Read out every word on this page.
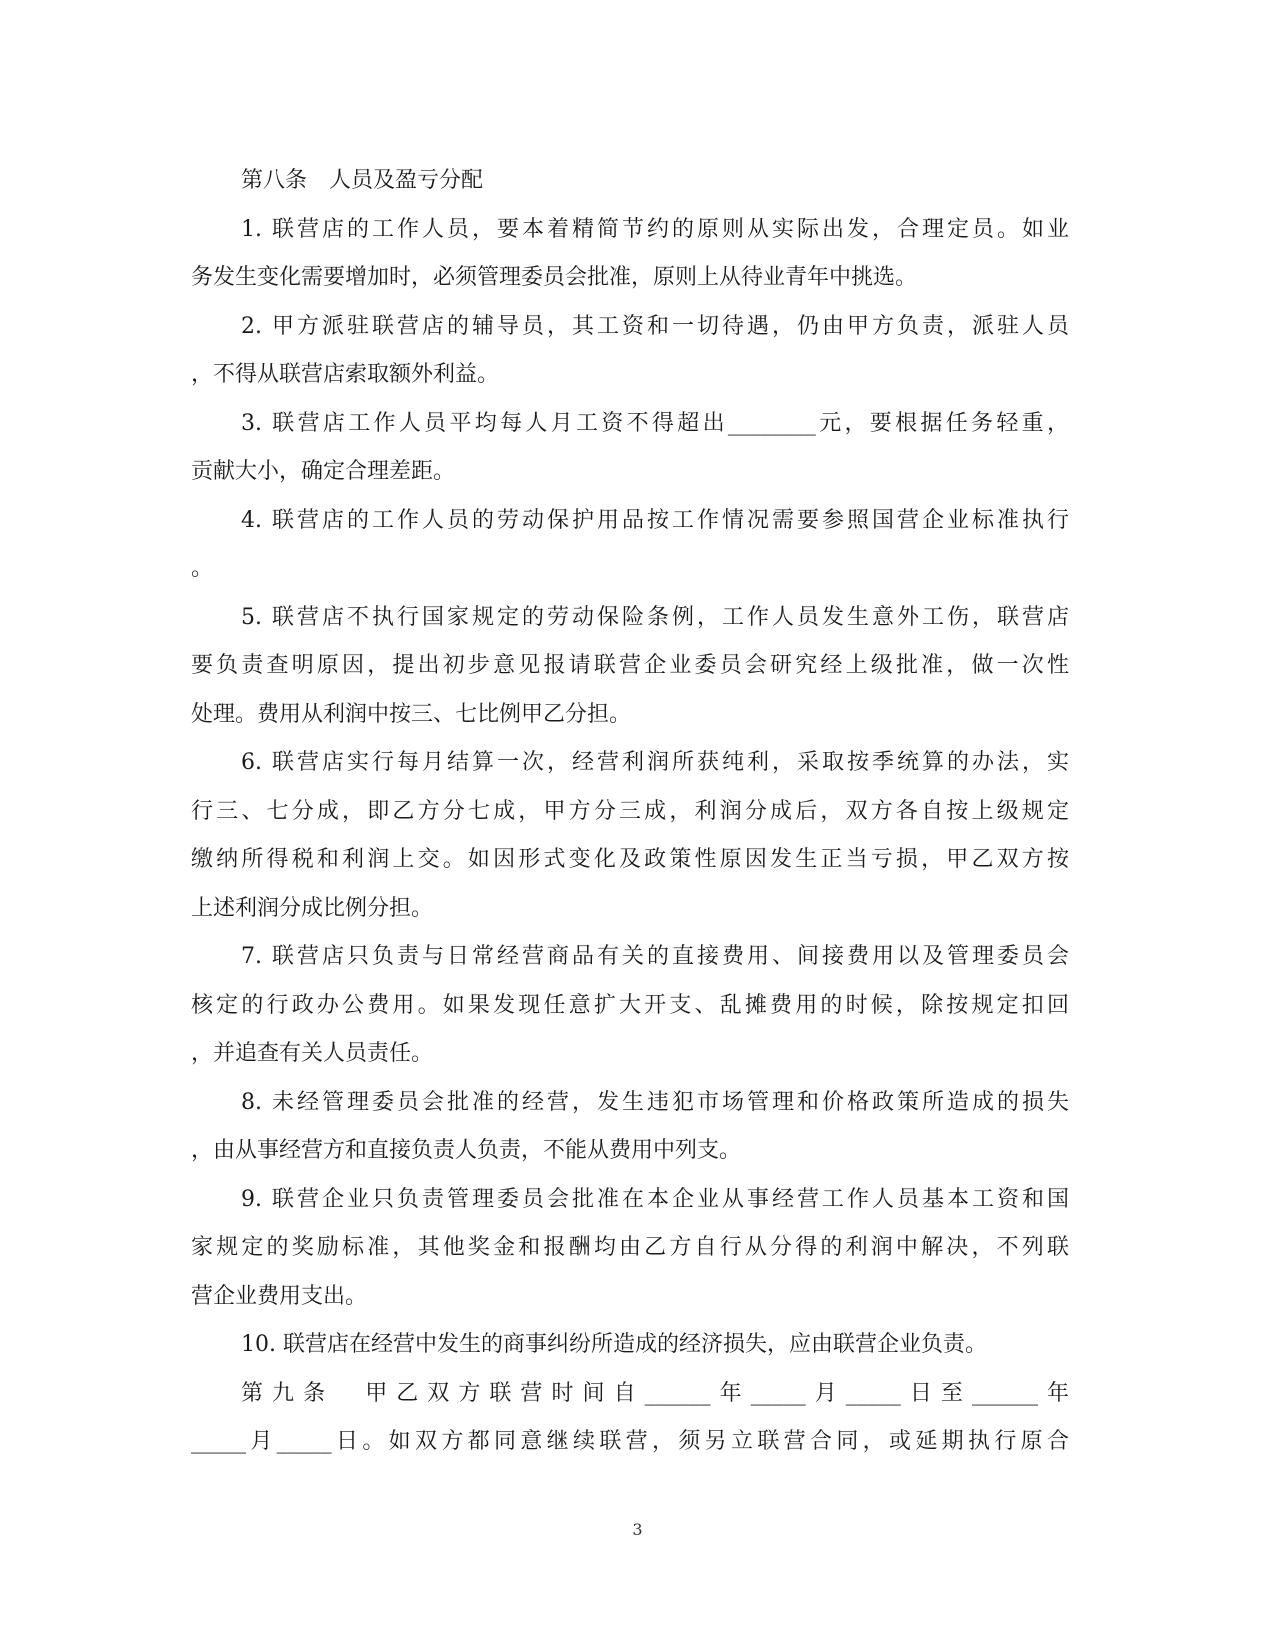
第八条　人员及盈亏分配
1. 联营店的工作人员，要本着精简节约的原则从实际出发，合理定员。如业
务发生变化需要增加时，必须管理委员会批准，原则上从待业青年中挑选。
2. 甲方派驻联营店的辅导员，其工资和一切待遇，仍由甲方负责，派驻人员
，不得从联营店索取额外利益。
3. 联营店工作人员平均每人月工资不得超出________元，要根据任务轻重，
贡献大小，确定合理差距。
4. 联营店的工作人员的劳动保护用品按工作情况需要参照国营企业标准执行
。
5. 联营店不执行国家规定的劳动保险条例，工作人员发生意外工伤，联营店
要负责查明原因，提出初步意见报请联营企业委员会研究经上级批准，做一次性
处理。费用从利润中按三、七比例甲乙分担。
6. 联营店实行每月结算一次，经营利润所获纯利，采取按季统算的办法，实
行三、七分成，即乙方分七成，甲方分三成，利润分成后，双方各自按上级规定
缴纳所得税和利润上交。如因形式变化及政策性原因发生正当亏损，甲乙双方按
上述利润分成比例分担。
7. 联营店只负责与日常经营商品有关的直接费用、间接费用以及管理委员会
核定的行政办公费用。如果发现任意扩大开支、乱摊费用的时候，除按规定扣回
，并追查有关人员责任。
8. 未经管理委员会批准的经营，发生违犯市场管理和价格政策所造成的损失
，由从事经营方和直接负责人负责，不能从费用中列支。
9. 联营企业只负责管理委员会批准在本企业从事经营工作人员基本工资和国
家规定的奖励标准，其他奖金和报酬均由乙方自行从分得的利润中解决，不列联
营企业费用支出。
10. 联营店在经营中发生的商事纠纷所造成的经济损失，应由联营企业负责。
第九条　甲乙双方联营时间自______年_____月_____日至______年
_____月_____日。如双方都同意继续联营，须另立联营合同，或延期执行原合
3
